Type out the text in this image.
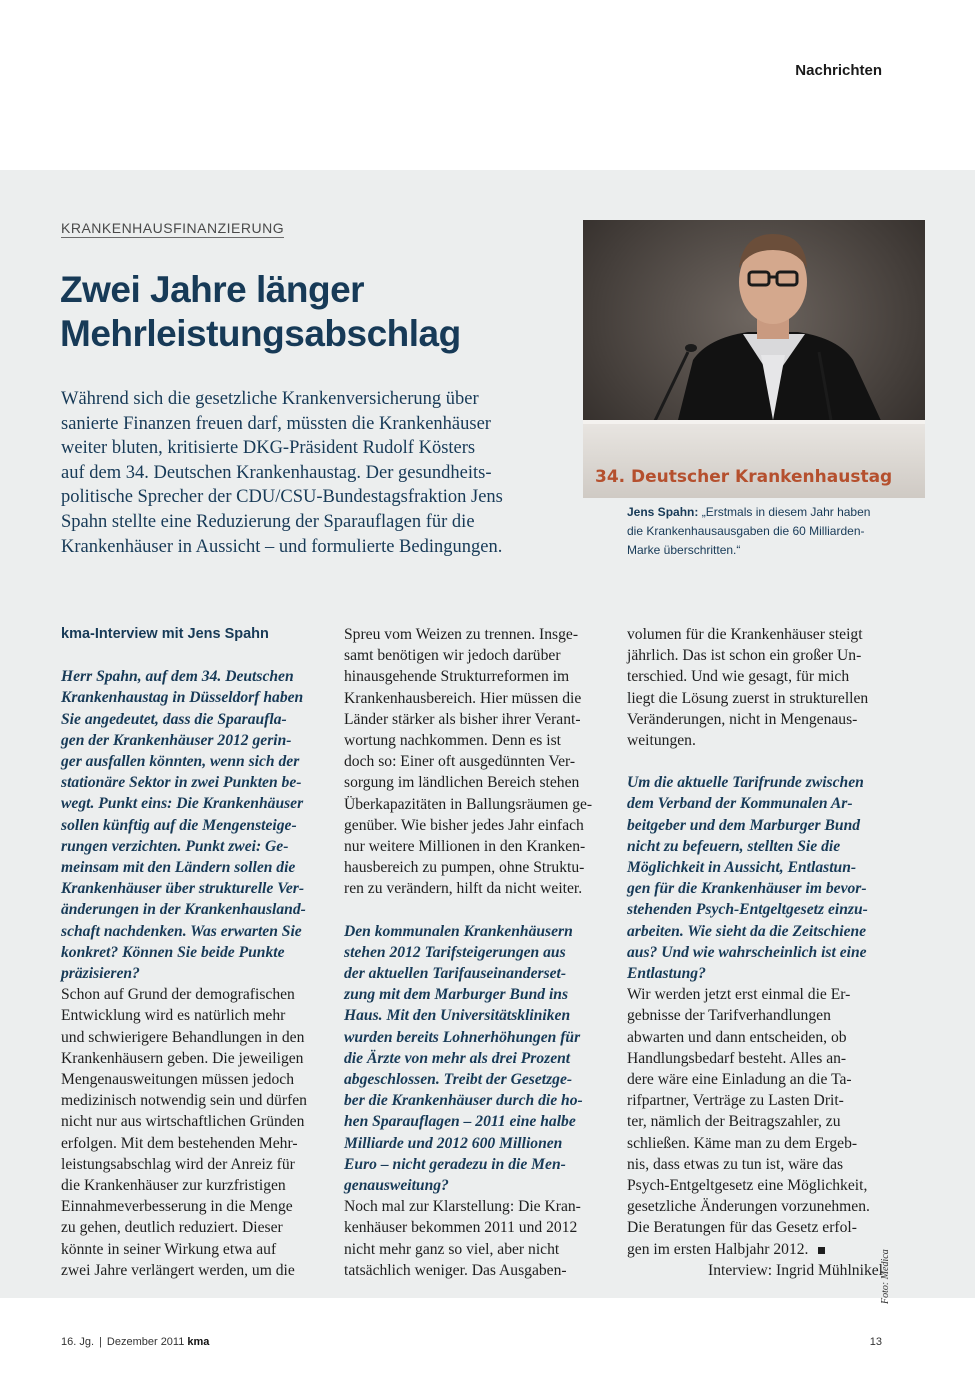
Nachrichten
KRANKENHAUSFINANZIERUNG
Zwei Jahre länger
Mehrleistungsabschlag
Während sich die gesetzliche Krankenversicherung über
sanierte Finanzen freuen darf, müssten die Krankenhäuser
weiter bluten, kritisierte DKG-Präsident Rudolf Kösters
auf dem 34. Deutschen Krankenhaustag. Der gesundheits-
politische Sprecher der CDU/CSU-Bundestagsfraktion Jens
Spahn stellte eine Reduzierung der Sparauflagen für die
Krankenhäuser in Aussicht – und formulierte Bedingungen.
34. Deutscher Krankenhaustag
Jens Spahn: „Erstmals in diesem Jahr haben
die Krankenhausausgaben die 60 Milliarden-
Marke überschritten.“
kma-Interview mit Jens Spahn
Herr Spahn, auf dem 34. Deutschen
Krankenhaustag in Düsseldorf haben
Sie angedeutet, dass die Sparaufla-
gen der Krankenhäuser 2012 gerin-
ger ausfallen könnten, wenn sich der
stationäre Sektor in zwei Punkten be-
wegt. Punkt eins: Die Krankenhäuser
sollen künftig auf die Mengensteige-
rungen verzichten. Punkt zwei: Ge-
meinsam mit den Ländern sollen die
Krankenhäuser über strukturelle Ver-
änderungen in der Krankenhausland-
schaft nachdenken. Was erwarten Sie
konkret? Können Sie beide Punkte
präzisieren?
Schon auf Grund der demografischen
Entwicklung wird es natürlich mehr
und schwierigere Behandlungen in den
Krankenhäusern geben. Die jeweiligen
Mengenausweitungen müssen jedoch
medizinisch notwendig sein und dürfen
nicht nur aus wirtschaftlichen Gründen
erfolgen. Mit dem bestehenden Mehr-
leistungsabschlag wird der Anreiz für
die Krankenhäuser zur kurzfristigen
Einnahmeverbesserung in die Menge
zu gehen, deutlich reduziert. Dieser
könnte in seiner Wirkung etwa auf
zwei Jahre verlängert werden, um die
Spreu vom Weizen zu trennen. Insge-
samt benötigen wir jedoch darüber
hinausgehende Strukturreformen im
Krankenhausbereich. Hier müssen die
Länder stärker als bisher ihrer Verant-
wortung nachkommen. Denn es ist
doch so: Einer oft ausgedünnten Ver-
sorgung im ländlichen Bereich stehen
Überkapazitäten in Ballungsräumen ge-
genüber. Wie bisher jedes Jahr einfach
nur weitere Millionen in den Kranken-
hausbereich zu pumpen, ohne Struktu-
ren zu verändern, hilft da nicht weiter.
Den kommunalen Krankenhäusern
stehen 2012 Tarifsteigerungen aus
der aktuellen Tarifauseinanderset-
zung mit dem Marburger Bund ins
Haus. Mit den Universitätskliniken
wurden bereits Lohnerhöhungen für
die Ärzte von mehr als drei Prozent
abgeschlossen. Treibt der Gesetzge-
ber die Krankenhäuser durch die ho-
hen Sparauflagen – 2011 eine halbe
Milliarde und 2012 600 Millionen
Euro – nicht geradezu in die Men-
genausweitung?
Noch mal zur Klarstellung: Die Kran-
kenhäuser bekommen 2011 und 2012
nicht mehr ganz so viel, aber nicht
tatsächlich weniger. Das Ausgaben-
volumen für die Krankenhäuser steigt
jährlich. Das ist schon ein großer Un-
terschied. Und wie gesagt, für mich
liegt die Lösung zuerst in strukturellen
Veränderungen, nicht in Mengenaus-
weitungen.
Um die aktuelle Tarifrunde zwischen
dem Verband der Kommunalen Ar-
beitgeber und dem Marburger Bund
nicht zu befeuern, stellten Sie die
Möglichkeit in Aussicht, Entlastun-
gen für die Krankenhäuser im bevor-
stehenden Psych-Entgeltgesetz einzu-
arbeiten. Wie sieht da die Zeitschiene
aus? Und wie wahrscheinlich ist eine
Entlastung?
Wir werden jetzt erst einmal die Er-
gebnisse der Tarifverhandlungen
abwarten und dann entscheiden, ob
Handlungsbedarf besteht. Alles an-
dere wäre eine Einladung an die Ta-
rifpartner, Verträge zu Lasten Drit-
ter, nämlich der Beitragszahler, zu
schließen. Käme man zu dem Ergeb-
nis, dass etwas zu tun ist, wäre das
Psych-Entgeltgesetz eine Möglichkeit,
gesetzliche Änderungen vorzunehmen.
Die Beratungen für das Gesetz erfol-
gen im ersten Halbjahr 2012.
Interview: Ingrid Mühlnikel
Foto: Medica
16. Jg. | Dezember 2011 kma	13
